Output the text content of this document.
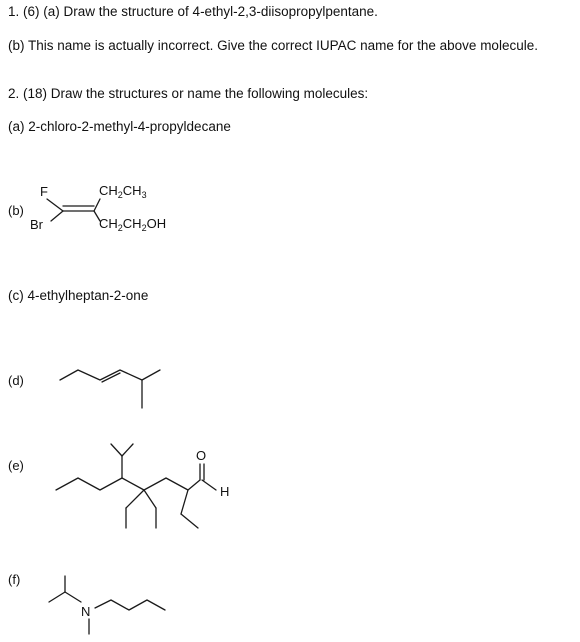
1. (6) (a) Draw the structure of 4-ethyl-2,3-diisopropylpentane.
(b) This name is actually incorrect. Give the correct IUPAC name for the above molecule.
2. (18) Draw the structures or name the following molecules:
(a) 2-chloro-2-methyl-4-propyldecane
(b)
F
Br
$CH_2CH_3$
$CH_2CH_2OH$
(c) 4-ethylheptan-2-one
(d)
(e)
O
H
(f)
N
